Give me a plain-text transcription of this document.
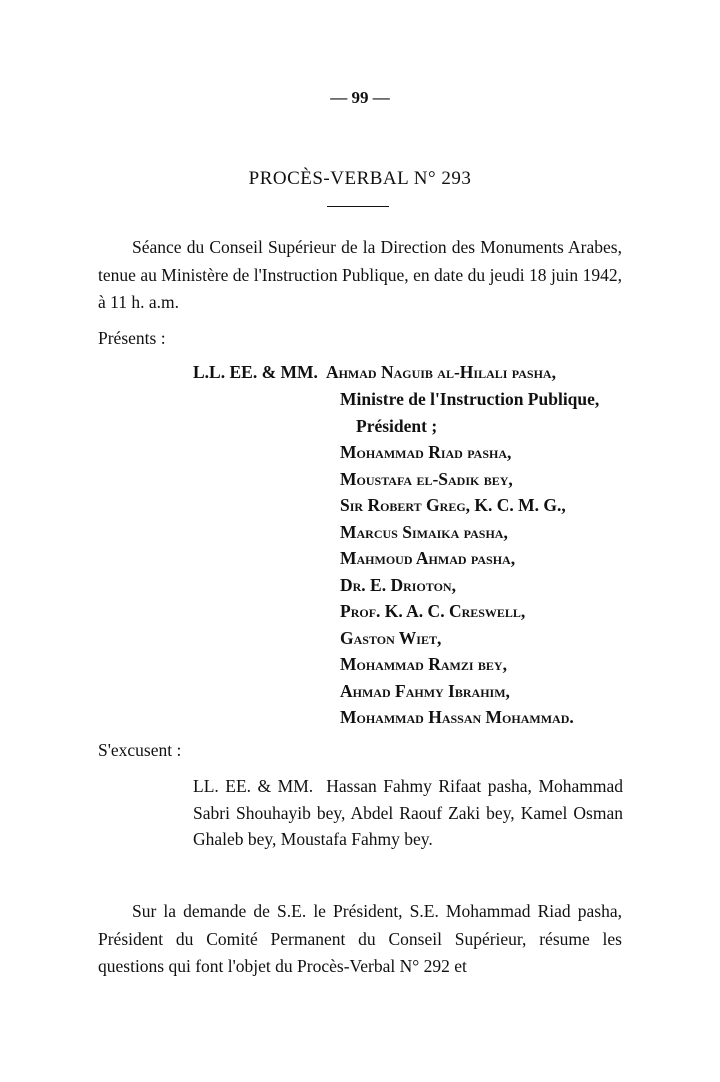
— 99 —
PROCÈS-VERBAL N° 293

Séance du Conseil Supérieur de la Direction des Monuments Arabes, tenue au Ministère de l'Instruction Publique, en date du jeudi 18 juin 1942, à 11 h. a.m.

Présents :

L.L. EE. & MM. Ahmad Naguib al-Hilali pasha,
Ministre de l'Instruction Publique,
Président ;
Mohammad Riad pasha,
Moustafa el-Sadik bey,
Sir Robert Greg, K. C. M. G.,
Marcus Simaika pasha,
Mahmoud Ahmad pasha,
Dr. E. Drioton,
Prof. K. A. C. Creswell,
Gaston Wiet,
Mohammad Ramzi bey,
Ahmad Fahmy Ibrahim,
Mohammad Hassan Mohammad.

S'excusent :

LL. EE. & MM. Hassan Fahmy Rifaat pasha, Mohammad Sabri Shouhayib bey, Abdel Raouf Zaki bey, Kamel Osman Ghaleb bey, Moustafa Fahmy bey.

Sur la demande de S.E. le Président, S.E. Mohammad Riad pasha, Président du Comité Permanent du Conseil Supérieur, résume les questions qui font l'objet du Procès-Verbal N° 292 et
